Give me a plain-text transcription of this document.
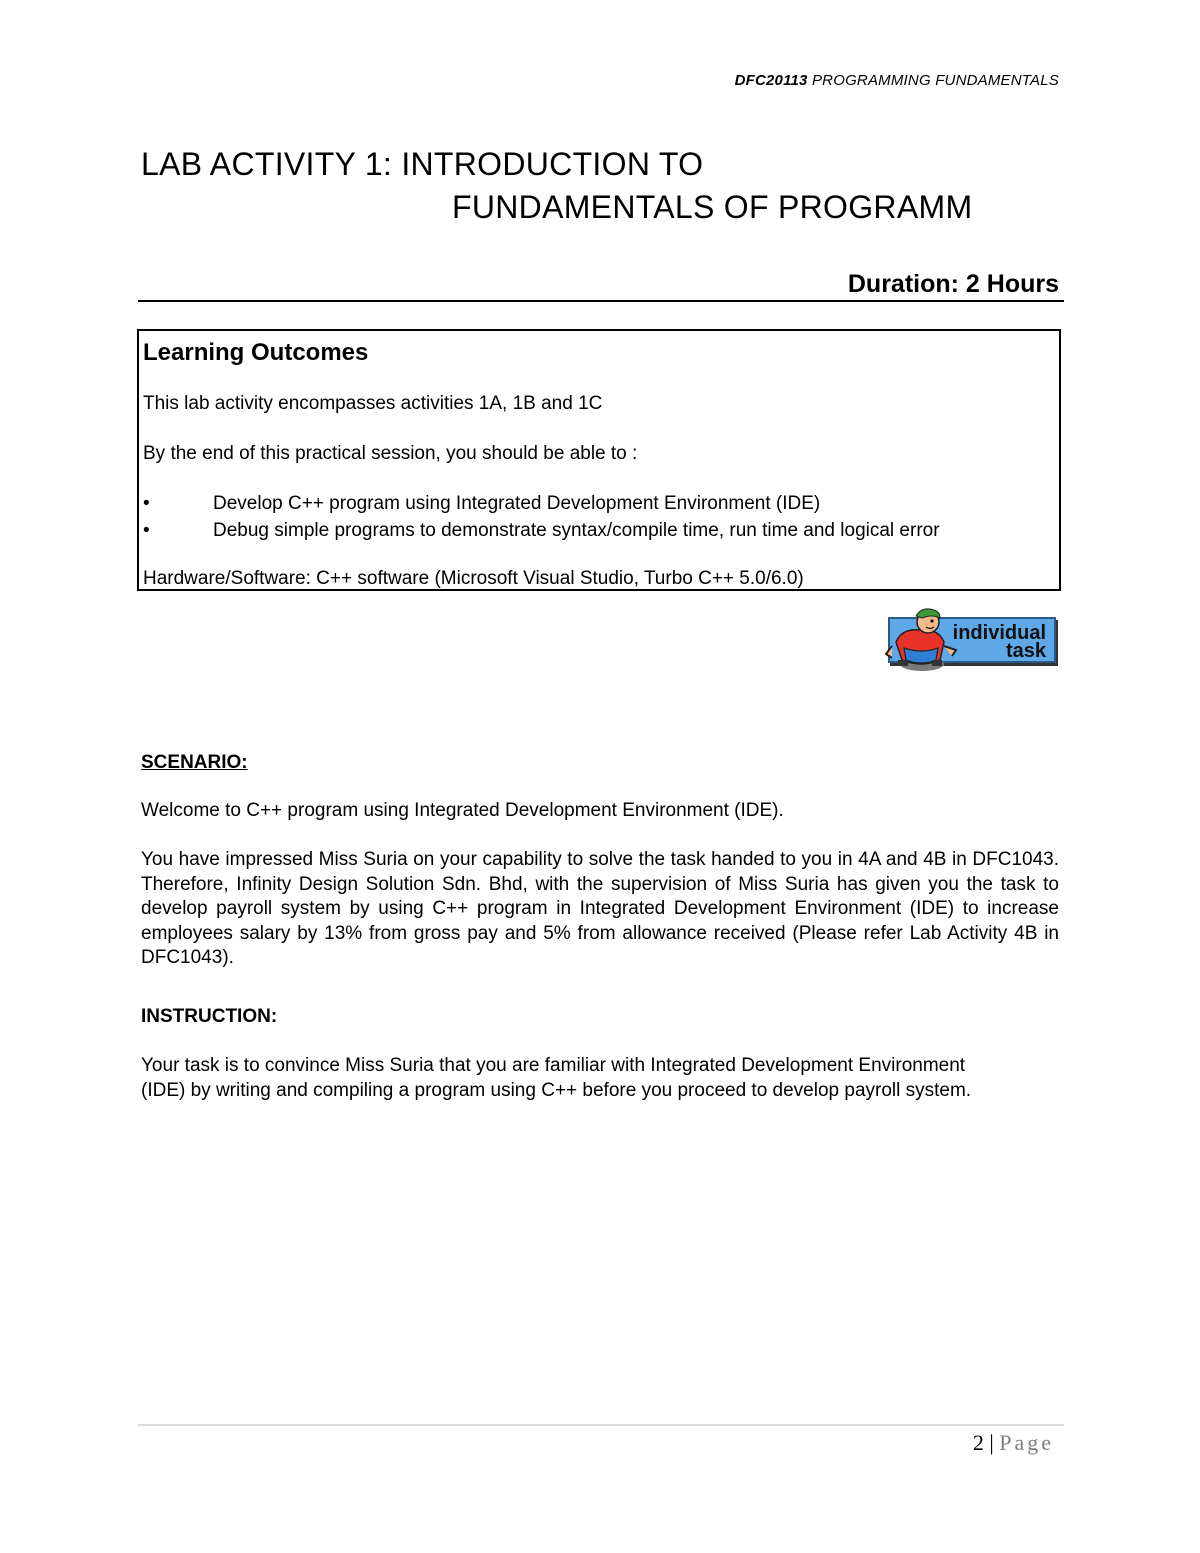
DFC20113 PROGRAMMING FUNDAMENTALS
LAB ACTIVITY 1: INTRODUCTION TO
FUNDAMENTALS OF PROGRAMM
Duration: 2 Hours
Learning Outcomes
This lab activity encompasses activities 1A, 1B and 1C
By the end of this practical session, you should be able to :
•	Develop C++ program using Integrated Development Environment (IDE)
•	Debug simple programs to demonstrate syntax/compile time, run time and logical error
Hardware/Software: C++ software (Microsoft Visual Studio, Turbo C++ 5.0/6.0)
individual
task
SCENARIO:
Welcome to C++ program using Integrated Development Environment (IDE).
You have impressed Miss Suria on your capability to solve the task handed to you in 4A and 4B in DFC1043. Therefore, Infinity Design Solution Sdn. Bhd, with the supervision of Miss Suria has given you the task to develop payroll system by using C++ program in Integrated Development Environment (IDE) to increase employees salary by 13% from gross pay and 5% from allowance received (Please refer Lab Activity 4B in DFC1043).
INSTRUCTION:
Your task is to convince Miss Suria that you are familiar with Integrated Development Environment (IDE) by writing and compiling a program using C++ before you proceed to develop payroll system.
2 | Page
